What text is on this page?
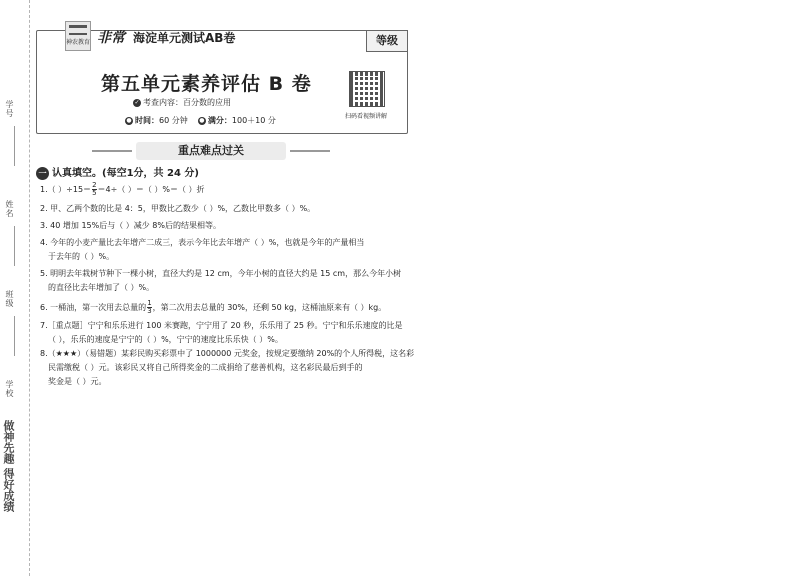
学号
姓名
班级
学校
做神先趣 得好成绩
神农教育 非常 海淀单元测试AB卷	等级
第五单元素养评估 B 卷
✓ 考查内容：百分数的应用
● 时间：60 分钟 ● 满分：100＋10 分	扫码看视频讲解
重点难点过关
一 认真填空。(每空1分，共 24 分)
1.（ ）$\div 15= \frac{2}{5} =4\div$（ ）＝（ ）%＝（ ）折
2. 甲、乙两个数的比是 4：5，甲数比乙数少（ ）%，乙数比甲数多（ ）%。
3. 40 增加 15%后与（ ）减少 8%后的结果相等。
4. 今年的小麦产量比去年增产二成三，表示今年比去年增产（ ）%，也就是今年的产量相当
于去年的（ ）%。
5. 明明去年栽树节种下一棵小树，直径大约是 12 cm，今年小树的直径大约是 15 cm，那么今年小树
的直径比去年增加了（ ）%。
6. 一桶油，第一次用去总量的 $\frac{1}{3}$ ，第二次用去总量的 30%，还剩 50 kg，这桶油原来有（ ）kg。
7.［重点题］宁宁和乐乐进行 100 米赛跑，宁宁用了 20 秒，乐乐用了 25 秒。宁宁和乐乐速度的比是
（ ），乐乐的速度是宁宁的（ ）%，宁宁的速度比乐乐快（ ）%。
8.（★★★）（易错题）某彩民购买彩票中了 1000000 元奖金，按规定要缴纳 20%的个人所得税，这名彩
民需缴税（ ）元。该彩民又将自己所得奖金的二成捐给了慈善机构，这名彩民最后到手的
奖金是（ ）元。
